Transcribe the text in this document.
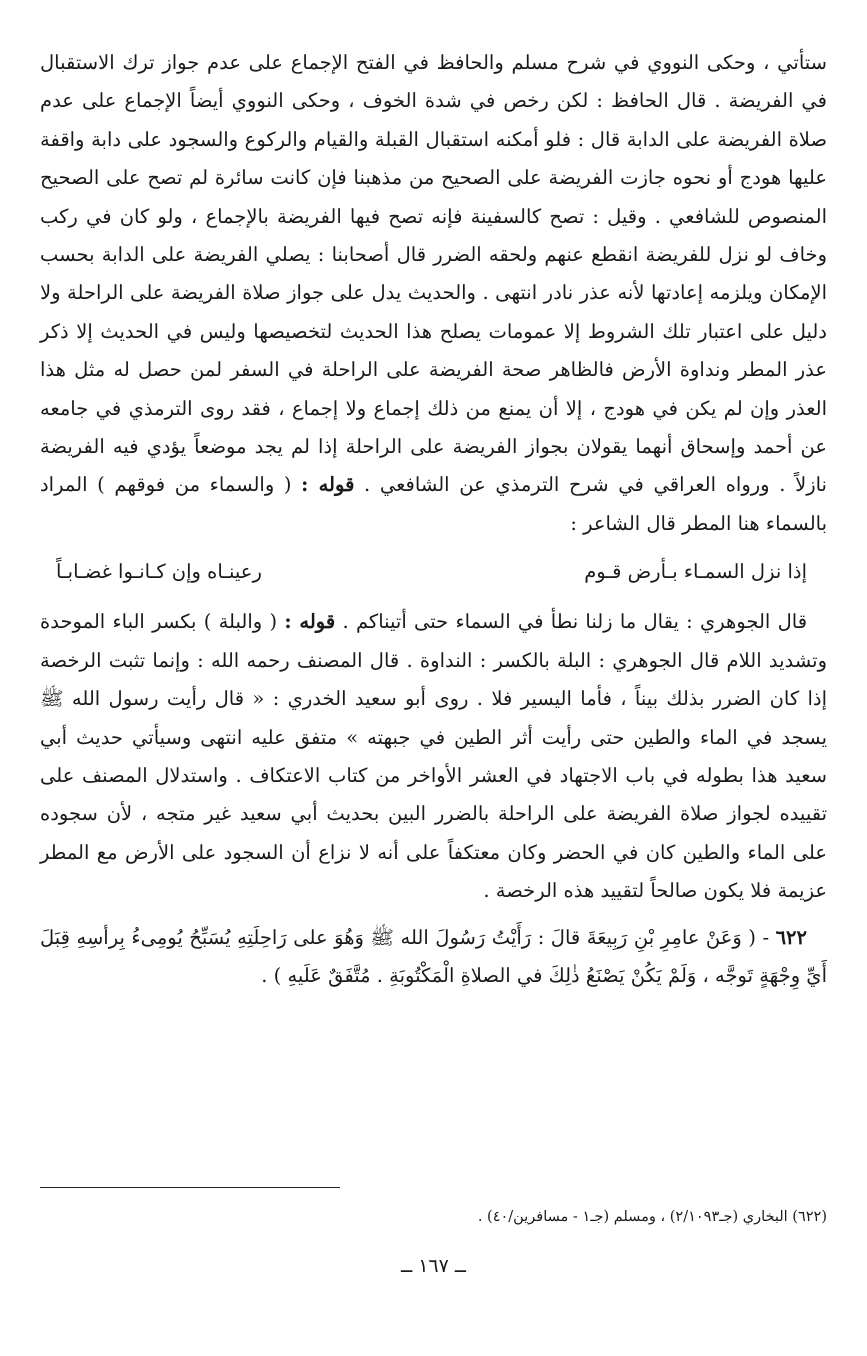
ستأتي ، وحكى النووي في شرح مسلم والحافظ في الفتح الإجماع على عدم جواز ترك الاستقبال في الفريضة . قال الحافظ : لكن رخص في شدة الخوف ، وحكى النووي أيضاً الإجماع على عدم صلاة الفريضة على الدابة قال : فلو أمكنه استقبال القبلة والقيام والركوع والسجود على دابة واقفة عليها هودج أو نحوه جازت الفريضة على الصحيح من مذهبنا فإن كانت سائرة لم تصح على الصحيح المنصوص للشافعي . وقيل : تصح كالسفينة فإنه تصح فيها الفريضة بالإجماع ، ولو كان في ركب وخاف لو نزل للفريضة انقطع عنهم ولحقه الضرر قال أصحابنا : يصلي الفريضة على الدابة بحسب الإمكان ويلزمه إعادتها لأنه عذر نادر انتهى . والحديث يدل على جواز صلاة الفريضة على الراحلة ولا دليل على اعتبار تلك الشروط إلا عمومات يصلح هذا الحديث لتخصيصها وليس في الحديث إلا ذكر عذر المطر ونداوة الأرض فالظاهر صحة الفريضة على الراحلة في السفر لمن حصل له مثل هذا العذر وإن لم يكن في هودج ، إلا أن يمنع من ذلك إجماع ولا إجماع ، فقد روى الترمذي في جامعه عن أحمد وإسحاق أنهما يقولان بجواز الفريضة على الراحلة إذا لم يجد موضعاً يؤدي فيه الفريضة نازلاً . ورواه العراقي في شرح الترمذي عن الشافعي . قوله : ( والسماء من فوقهم ) المراد بالسماء هنا المطر قال الشاعر :

إذا نزل السمـاء بـأرض قـوم
رعينـاه وإن كـانـوا غضـابـاً

قال الجوهري : يقال ما زلنا نطأ في السماء حتى أتيناكم . قوله : ( والبلة ) بكسر الباء الموحدة وتشديد اللام قال الجوهري : البلة بالكسر : النداوة . قال المصنف رحمه الله : وإنما تثبت الرخصة إذا كان الضرر بذلك بيناً ، فأما اليسير فلا . روى أبو سعيد الخدري : « قال رأيت رسول الله ﷺ يسجد في الماء والطين حتى رأيت أثر الطين في جبهته » متفق عليه انتهى وسيأتي حديث أبي سعيد هذا بطوله في باب الاجتهاد في العشر الأواخر من كتاب الاعتكاف . واستدلال المصنف على تقييده لجواز صلاة الفريضة على الراحلة بالضرر البين بحديث أبي سعيد غير متجه ، لأن سجوده على الماء والطين كان في الحضر وكان معتكفاً على أنه لا نزاع أن السجود على الأرض مع المطر عزيمة فلا يكون صالحاً لتقييد هذه الرخصة .

٦٢٢ - ( وَعَنْ عامِرِ بْنِ رَبِيعَةَ قالَ : رَأَيْتُ رَسُولَ الله ﷺ وَهُوَ على رَاحِلَتِهِ يُسَبِّحُ يُومِىءُ بِرأسِهِ قِبَلَ أَيِّ وِجْهَةٍ تَوجَّه ، وَلَمْ يَكُنْ يَصْنَعُ ذٰلِكَ في الصلاةِ الْمَكْتُوبَةِ . مُتَّفَقٌ عَلَيهِ ) .

(٦٢٢) البخاري (جـ٢/١٠٩٣) ، ومسلم (جـ١ - مسافرين/٤٠) .
ــ ١٦٧ ــ
